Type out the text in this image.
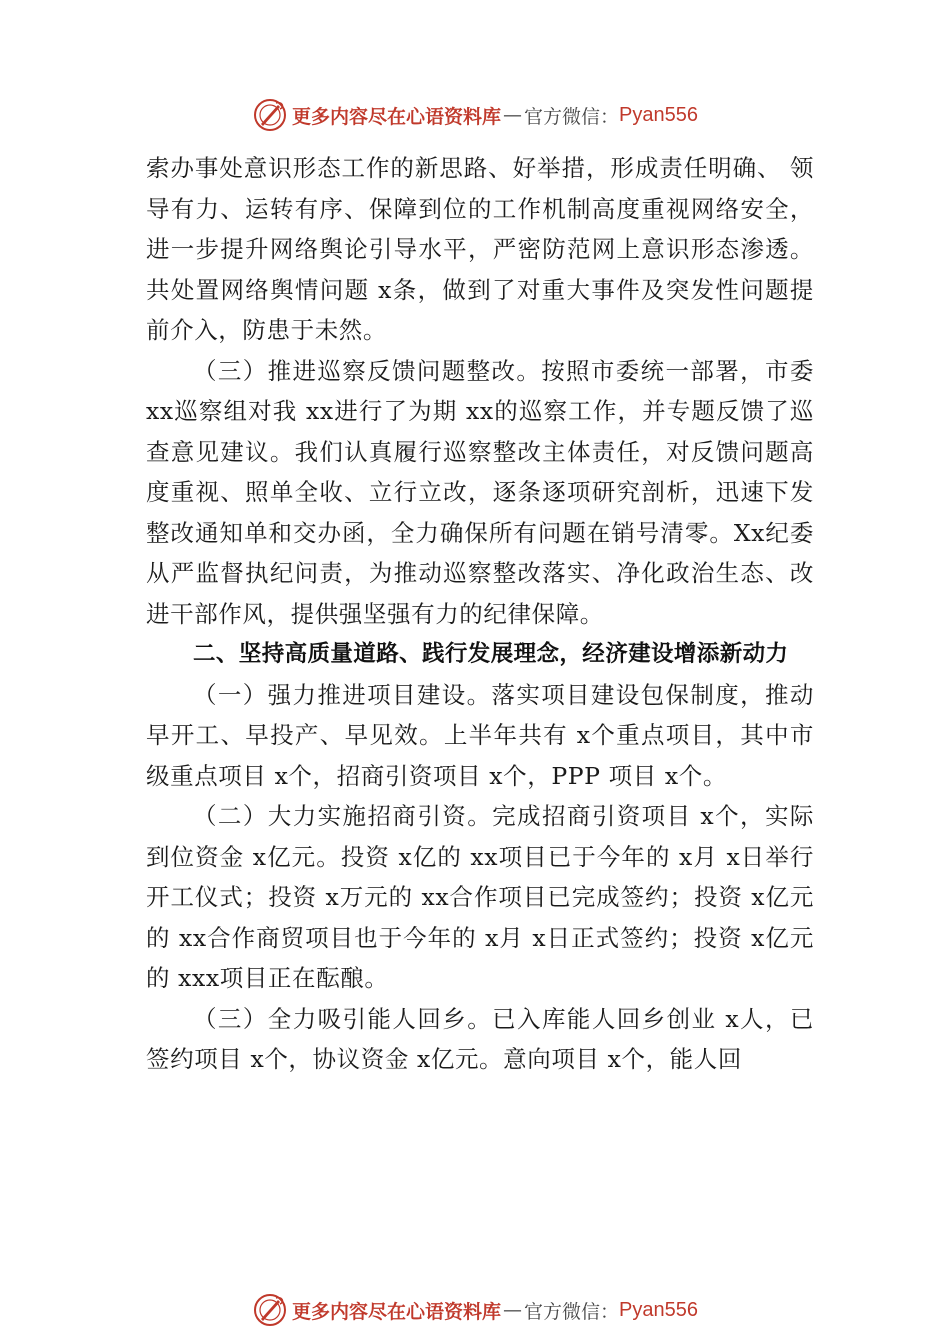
更多内容尽在心语资料库 — 官方微信： Pyan556

索办事处意识形态工作的新思路、好举措，形成责任明确、 领导有力、运转有序、保障到位的工作机制高度重视网络安全，进一步提升网络舆论引导水平，严密防范网上意识形态渗透。共处置网络舆情问题 x条，做到了对重大事件及突发性问题提前介入，防患于未然。

（三）推进巡察反馈问题整改。按照市委统一部署，市委 xx巡察组对我 xx进行了为期 xx的巡察工作，并专题反馈了巡查意见建议。我们认真履行巡察整改主体责任，对反馈问题高度重视、照单全收、立行立改，逐条逐项研究剖析，迅速下发整改通知单和交办函，全力确保所有问题在销号清零。Xx纪委从严监督执纪问责，为推动巡察整改落实、净化政治生态、改进干部作风，提供强坚强有力的纪律保障。

二、坚持高质量道路、践行发展理念，经济建设增添新动力

（一）强力推进项目建设。落实项目建设包保制度，推动早开工、早投产、早见效。上半年共有 x个重点项目，其中市级重点项目 x个，招商引资项目 x个，PPP 项目 x个。

（二）大力实施招商引资。完成招商引资项目 x个，实际到位资金 x亿元。投资 x亿的 xx项目已于今年的 x月 x日举行开工仪式；投资 x万元的 xx合作项目已完成签约；投资 x亿元的 xx合作商贸项目也于今年的 x月 x日正式签约；投资 x亿元的 xxx项目正在酝酿。

（三）全力吸引能人回乡。已入库能人回乡创业 x人，已签约项目 x个，协议资金 x亿元。意向项目 x个，能人回

更多内容尽在心语资料库 — 官方微信： Pyan556
